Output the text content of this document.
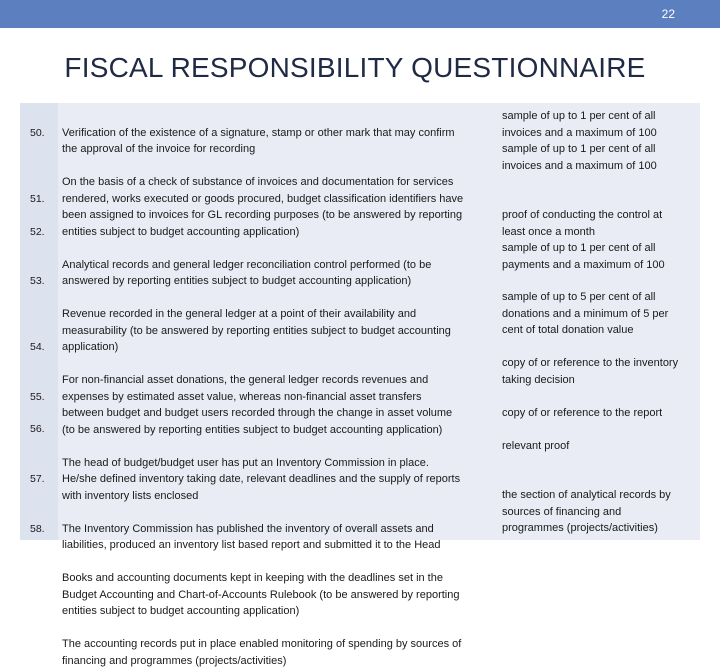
22
FISCAL RESPONSIBILITY QUESTIONNAIRE
50.
51.
52.
53.
54.
55.
56.
57.
58.

Verification of the existence of a signature, stamp or other mark that may confirm
the approval of the invoice for recording

On the basis of a check of substance of invoices and documentation for services
rendered, works executed or goods procured, budget classification identifiers have
been assigned to invoices for GL recording purposes (to be answered by reporting
entities subject to budget accounting application)

Analytical records and general ledger reconciliation control performed (to be
answered by reporting entities subject to budget accounting application)

Revenue recorded in the general ledger at a point of their availability and
measurability (to be answered by reporting entities subject to budget accounting
application)

For non-financial asset donations, the general ledger records revenues and
expenses by estimated asset value, whereas non-financial asset transfers
between budget and budget users recorded through the change in asset volume
(to be answered by reporting entities subject to budget accounting application)

The head of budget/budget user has put an Inventory Commission in place.
He/she defined inventory taking date, relevant deadlines and the supply of reports
with inventory lists enclosed

The Inventory Commission has published the inventory of overall assets and
liabilities, produced an inventory list based report and submitted it to the Head

Books and accounting documents kept in keeping with the deadlines set in the
Budget Accounting and Chart-of-Accounts Rulebook (to be answered by reporting
entities subject to budget accounting application)

The accounting records put in place enabled monitoring of spending by sources of
financing and programmes (projects/activities)

sample of up to 1 per cent of all
invoices and a maximum of 100
sample of up to 1 per cent of all
invoices and a maximum of 100
proof of conducting the control at
least once a month
sample of up to 1 per cent of all
payments and a maximum of 100
sample of up to 5 per cent of all
donations and a minimum of 5 per
cent of total donation value
copy of or reference to the inventory
taking decision
copy of or reference to the report
relevant proof
the section of analytical records by
sources of financing and
programmes (projects/activities)
